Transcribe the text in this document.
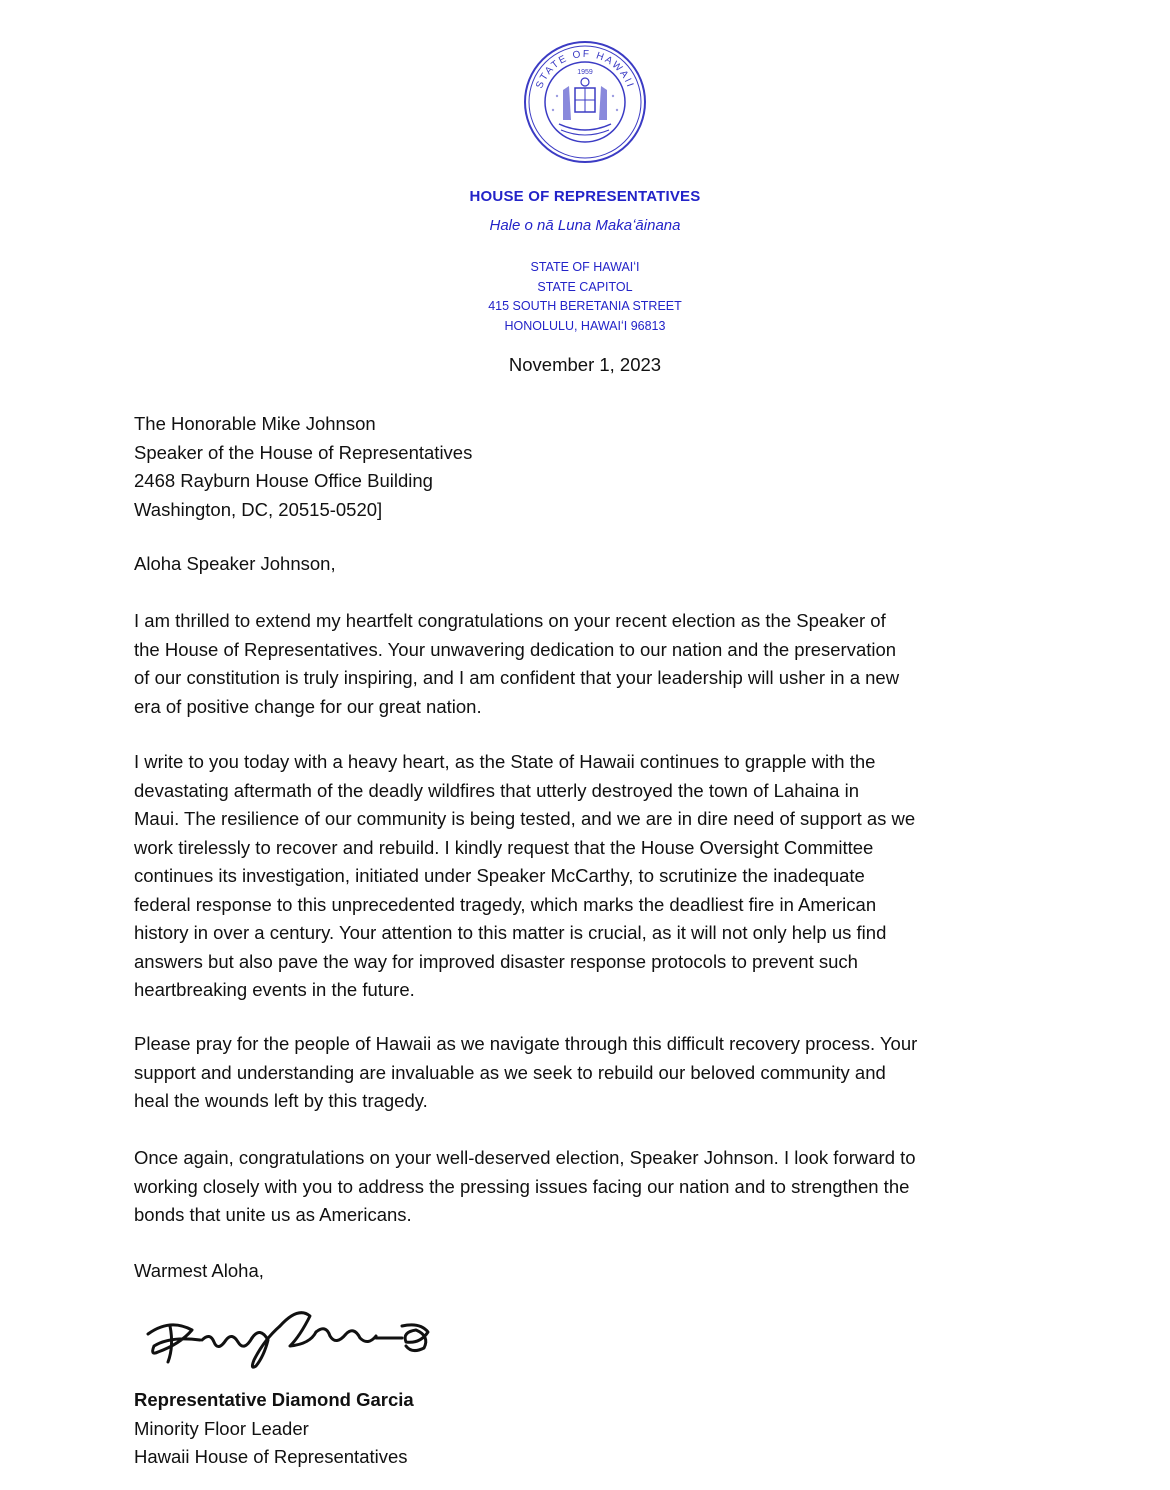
STATE OF HAWAII
1959
HOUSE OF REPRESENTATIVES
Hale o nā Luna Makaʻāinana
STATE OF HAWAIʻI
STATE CAPITOL
415 SOUTH BERETANIA STREET
HONOLULU, HAWAIʻI 96813
November 1, 2023
The Honorable Mike Johnson
Speaker of the House of Representatives
2468 Rayburn House Office Building
Washington, DC, 20515-0520]
Aloha Speaker Johnson,
I am thrilled to extend my heartfelt congratulations on your recent election as the Speaker of
the House of Representatives. Your unwavering dedication to our nation and the preservation
of our constitution is truly inspiring, and I am confident that your leadership will usher in a new
era of positive change for our great nation.
I write to you today with a heavy heart, as the State of Hawaii continues to grapple with the
devastating aftermath of the deadly wildfires that utterly destroyed the town of Lahaina in
Maui. The resilience of our community is being tested, and we are in dire need of support as we
work tirelessly to recover and rebuild. I kindly request that the House Oversight Committee
continues its investigation, initiated under Speaker McCarthy, to scrutinize the inadequate
federal response to this unprecedented tragedy, which marks the deadliest fire in American
history in over a century. Your attention to this matter is crucial, as it will not only help us find
answers but also pave the way for improved disaster response protocols to prevent such
heartbreaking events in the future.
Please pray for the people of Hawaii as we navigate through this difficult recovery process. Your
support and understanding are invaluable as we seek to rebuild our beloved community and
heal the wounds left by this tragedy.
Once again, congratulations on your well-deserved election, Speaker Johnson. I look forward to
working closely with you to address the pressing issues facing our nation and to strengthen the
bonds that unite us as Americans.
Warmest Aloha,
Representative Diamond Garcia
Minority Floor Leader
Hawaii House of Representatives
